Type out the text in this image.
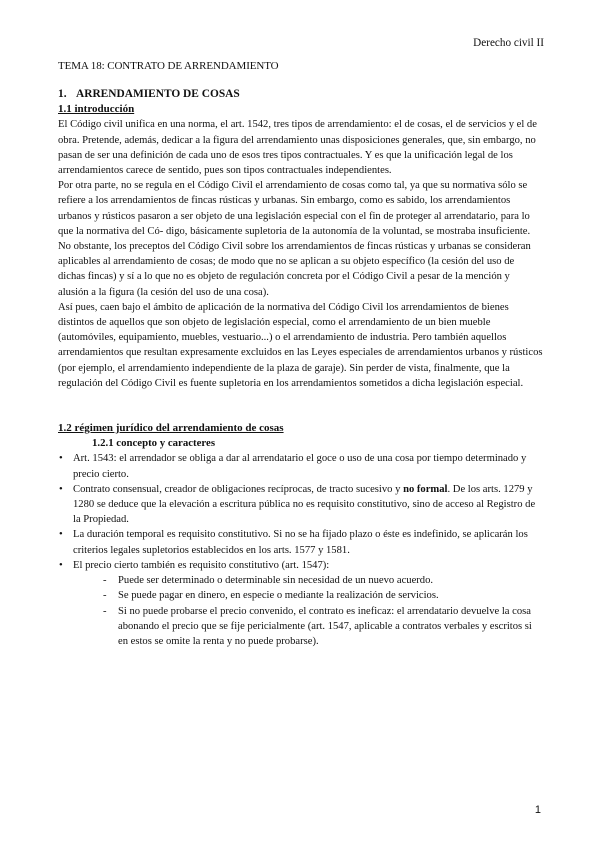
Derecho civil II
TEMA 18: CONTRATO DE ARRENDAMIENTO
1. ARRENDAMIENTO DE COSAS
1.1 introducción

El Código civil unifica en una norma, el art. 1542, tres tipos de arrendamiento: el de cosas, el de servicios y el de obra. Pretende, además, dedicar a la figura del arrendamiento unas disposiciones generales, que, sin embargo, no pasan de ser una definición de cada uno de esos tres tipos contractuales. Y es que la unificación legal de los arrendamientos carece de sentido, pues son tipos contractuales independientes.

Por otra parte, no se regula en el Código Civil el arrendamiento de cosas como tal, ya que su normativa sólo se refiere a los arrendamientos de fincas rústicas y urbanas. Sin embargo, como es sabido, los arrendamientos urbanos y rústicos pasaron a ser objeto de una legislación especial con el fin de proteger al arrendatario, para lo que la normativa del Có- digo, básicamente supletoria de la autonomía de la voluntad, se mostraba insuficiente. No obstante, los preceptos del Código Civil sobre los arrendamientos de fincas rústicas y urbanas se consideran aplicables al arrendamiento de cosas; de modo que no se aplican a su objeto específico (la cesión del uso de dichas fincas) y sí a lo que no es objeto de regulación concreta por el Código Civil a pesar de la mención y alusión a la figura (la cesión del uso de una cosa).

Así pues, caen bajo el ámbito de aplicación de la normativa del Código Civil los arrendamientos de bienes distintos de aquellos que son objeto de legislación especial, como el arrendamiento de un bien mueble (automóviles, equipamiento, muebles, vestuario...) o el arrendamiento de industria. Pero también aquellos arrendamientos que resultan expresamente excluidos en las Leyes especiales de arrendamientos urbanos y rústicos (por ejemplo, el arrendamiento independiente de la plaza de garaje). Sin perder de vista, finalmente, que la regulación del Código Civil es fuente supletoria en los arrendamientos sometidos a dicha legislación especial.

1.2 régimen jurídico del arrendamiento de cosas
1.2.1 concepto y caracteres
• Art. 1543: el arrendador se obliga a dar al arrendatario el goce o uso de una cosa por tiempo determinado y precio cierto.
• Contrato consensual, creador de obligaciones recíprocas, de tracto sucesivo y no formal. De los arts. 1279 y 1280 se deduce que la elevación a escritura pública no es requisito constitutivo, sino de acceso al Registro de la Propiedad.
• La duración temporal es requisito constitutivo. Si no se ha fijado plazo o éste es indefinido, se aplicarán los criterios legales supletorios establecidos en los arts. 1577 y 1581.
• El precio cierto también es requisito constitutivo (art. 1547):
- Puede ser determinado o determinable sin necesidad de un nuevo acuerdo.
- Se puede pagar en dinero, en especie o mediante la realización de servicios.
- Si no puede probarse el precio convenido, el contrato es ineficaz: el arrendatario devuelve la cosa abonando el precio que se fije pericialmente (art. 1547, aplicable a contratos verbales y escritos si en estos se omite la renta y no puede probarse).
1
